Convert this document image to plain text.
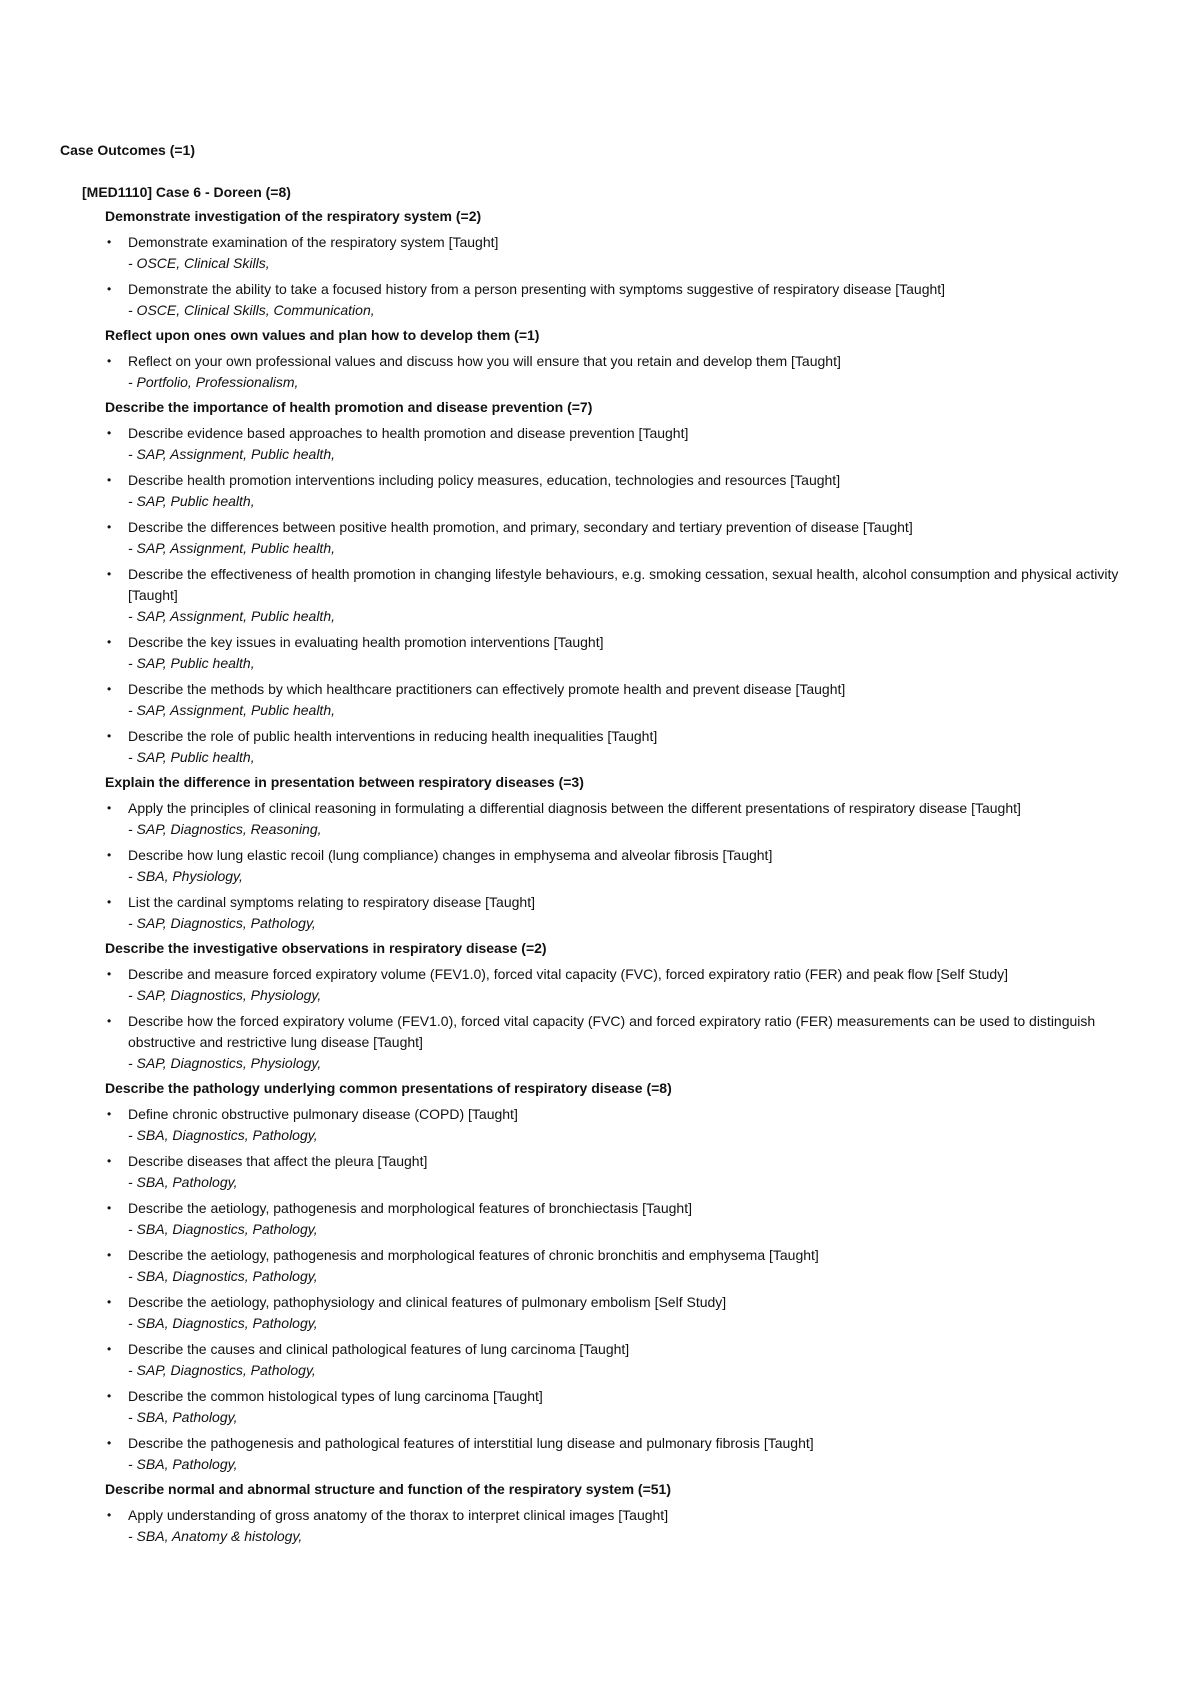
Case Outcomes (=1)
[MED1110] Case 6 - Doreen (=8)
Demonstrate investigation of the respiratory system (=2)
• Demonstrate examination of the respiratory system [Taught]
- OSCE, Clinical Skills,
• Demonstrate the ability to take a focused history from a person presenting with symptoms suggestive of respiratory disease [Taught]
- OSCE, Clinical Skills, Communication,
Reflect upon ones own values and plan how to develop them (=1)
• Reflect on your own professional values and discuss how you will ensure that you retain and develop them [Taught]
- Portfolio, Professionalism,
Describe the importance of health promotion and disease prevention (=7)
• Describe evidence based approaches to health promotion and disease prevention [Taught]
- SAP, Assignment, Public health,
• Describe health promotion interventions including policy measures, education, technologies and resources [Taught]
- SAP, Public health,
• Describe the differences between positive health promotion, and primary, secondary and tertiary prevention of disease [Taught]
- SAP, Assignment, Public health,
• Describe the effectiveness of health promotion in changing lifestyle behaviours, e.g. smoking cessation, sexual health, alcohol consumption and physical activity [Taught]
- SAP, Assignment, Public health,
• Describe the key issues in evaluating health promotion interventions [Taught]
- SAP, Public health,
• Describe the methods by which healthcare practitioners can effectively promote health and prevent disease [Taught]
- SAP, Assignment, Public health,
• Describe the role of public health interventions in reducing health inequalities [Taught]
- SAP, Public health,
Explain the difference in presentation between respiratory diseases (=3)
• Apply the principles of clinical reasoning in formulating a differential diagnosis between the different presentations of respiratory disease [Taught]
- SAP, Diagnostics, Reasoning,
• Describe how lung elastic recoil (lung compliance) changes in emphysema and alveolar fibrosis [Taught]
- SBA, Physiology,
• List the cardinal symptoms relating to respiratory disease [Taught]
- SAP, Diagnostics, Pathology,
Describe the investigative observations in respiratory disease (=2)
• Describe and measure forced expiratory volume (FEV1.0), forced vital capacity (FVC), forced expiratory ratio (FER) and peak flow [Self Study]
- SAP, Diagnostics, Physiology,
• Describe how the forced expiratory volume (FEV1.0), forced vital capacity (FVC) and forced expiratory ratio (FER) measurements can be used to distinguish obstructive and restrictive lung disease [Taught]
- SAP, Diagnostics, Physiology,
Describe the pathology underlying common presentations of respiratory disease (=8)
• Define chronic obstructive pulmonary disease (COPD) [Taught]
- SBA, Diagnostics, Pathology,
• Describe diseases that affect the pleura [Taught]
- SBA, Pathology,
• Describe the aetiology, pathogenesis and morphological features of bronchiectasis [Taught]
- SBA, Diagnostics, Pathology,
• Describe the aetiology, pathogenesis and morphological features of chronic bronchitis and emphysema [Taught]
- SBA, Diagnostics, Pathology,
• Describe the aetiology, pathophysiology and clinical features of pulmonary embolism [Self Study]
- SBA, Diagnostics, Pathology,
• Describe the causes and clinical pathological features of lung carcinoma [Taught]
- SAP, Diagnostics, Pathology,
• Describe the common histological types of lung carcinoma [Taught]
- SBA, Pathology,
• Describe the pathogenesis and pathological features of interstitial lung disease and pulmonary fibrosis [Taught]
- SBA, Pathology,
Describe normal and abnormal structure and function of the respiratory system (=51)
• Apply understanding of gross anatomy of the thorax to interpret clinical images [Taught]
- SBA, Anatomy & histology,
